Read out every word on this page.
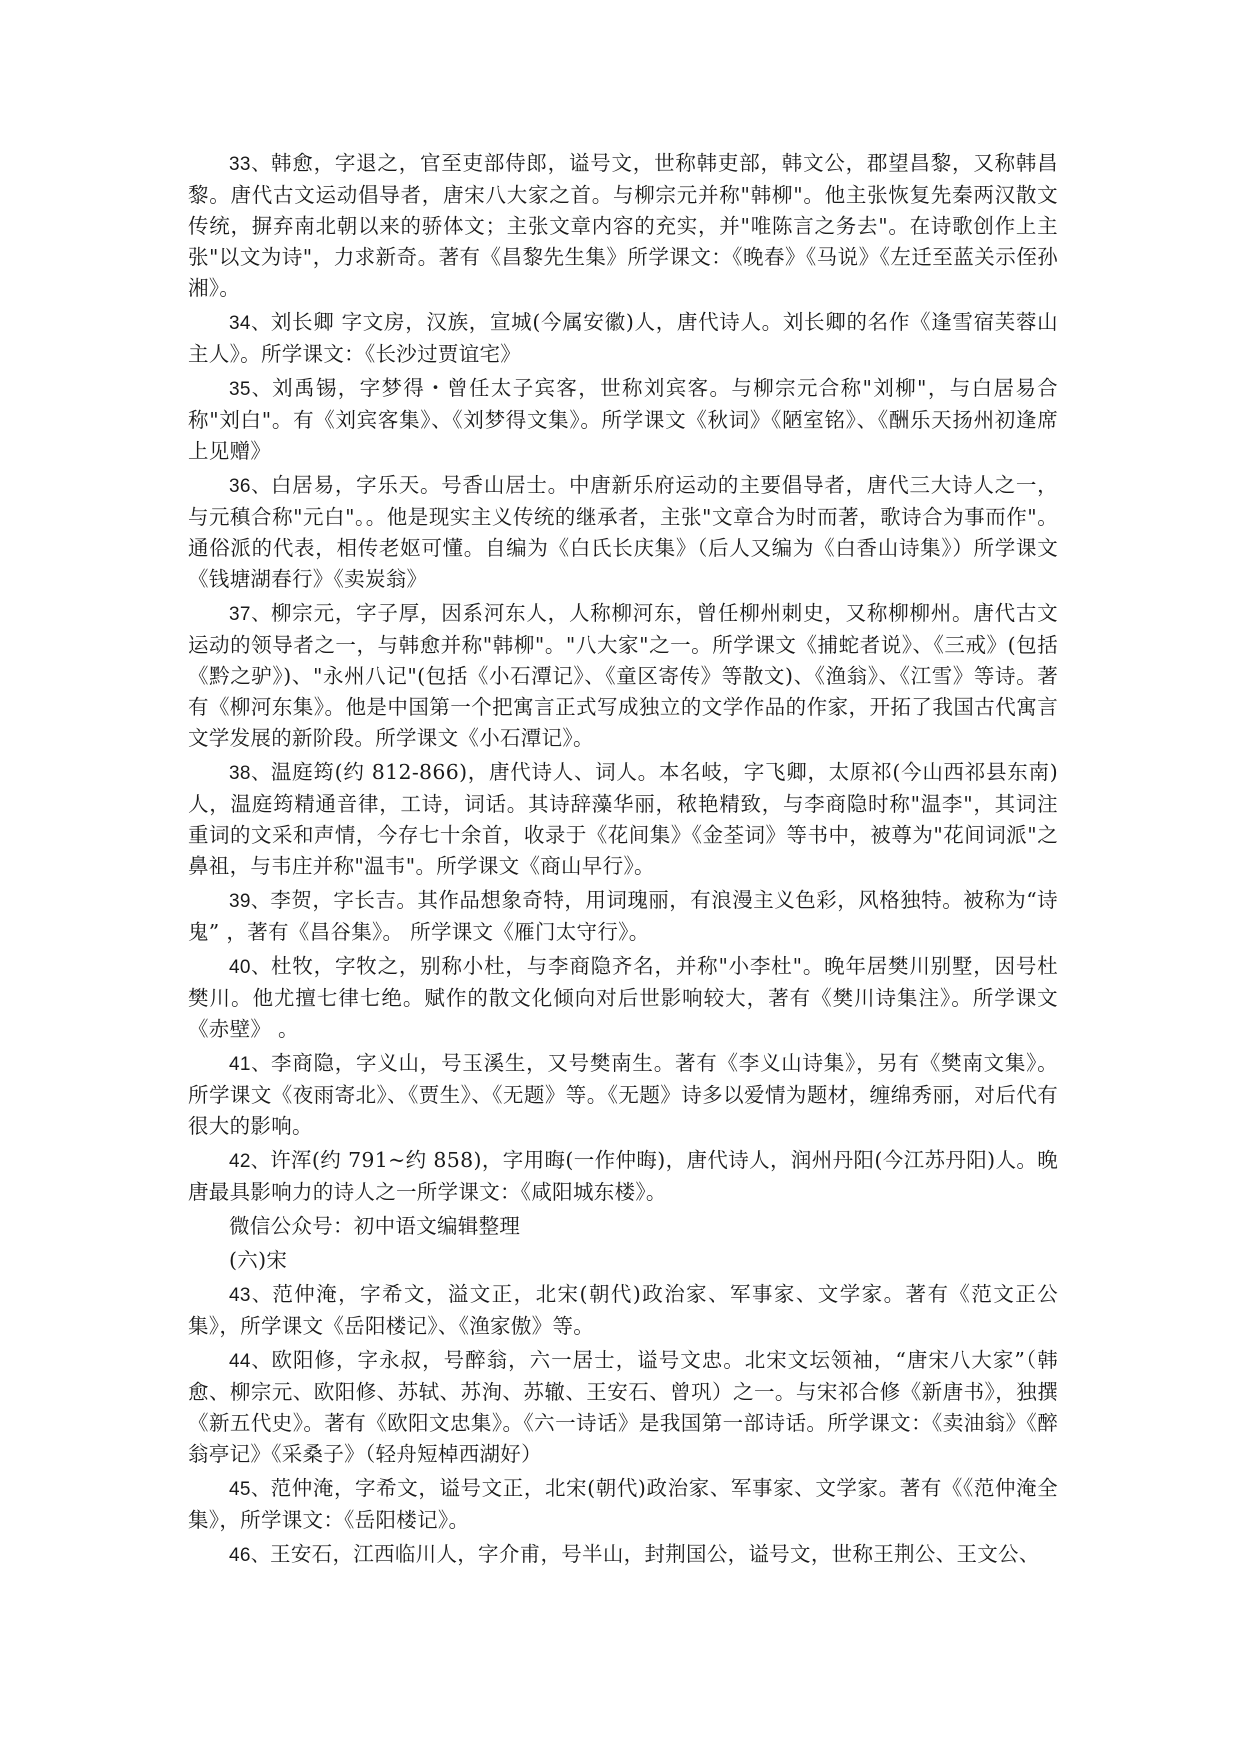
33、韩愈，字退之，官至吏部侍郎，谥号文，世称韩吏部，韩文公，郡望昌黎，又称韩昌黎。唐代古文运动倡导者，唐宋八大家之首。与柳宗元并称"韩柳"。他主张恢复先秦两汉散文传统，摒弃南北朝以来的骄体文；主张文章内容的充实，并"唯陈言之务去"。在诗歌创作上主张"以文为诗"，力求新奇。著有《昌黎先生集》所学课文：《晚春》《马说》《左迁至蓝关示侄孙湘》。

34、刘长卿 字文房，汉族，宣城(今属安徽)人，唐代诗人。刘长卿的名作《逢雪宿芙蓉山主人》。所学课文：《长沙过贾谊宅》

35、刘禹锡，字梦得・曾任太子宾客，世称刘宾客。与柳宗元合称"刘柳"，与白居易合称"刘白"。有《刘宾客集》、《刘梦得文集》。所学课文《秋词》《陋室铭》、《酬乐天扬州初逢席上见赠》

36、白居易，字乐天。号香山居士。中唐新乐府运动的主要倡导者，唐代三大诗人之一，与元稹合称"元白"。。他是现实主义传统的继承者，主张"文章合为时而著，歌诗合为事而作"。通俗派的代表，相传老妪可懂。自编为《白氏长庆集》（后人又编为《白香山诗集》）所学课文《钱塘湖春行》《卖炭翁》

37、柳宗元，字子厚，因系河东人，人称柳河东，曾任柳州刺史，又称柳柳州。唐代古文运动的领导者之一，与韩愈并称"韩柳"。"八大家"之一。所学课文《捕蛇者说》、《三戒》(包括《黔之驴》)、"永州八记"(包括《小石潭记》、《童区寄传》等散文)、《渔翁》、《江雪》等诗。著有《柳河东集》。他是中国第一个把寓言正式写成独立的文学作品的作家，开拓了我国古代寓言文学发展的新阶段。所学课文《小石潭记》。

38、温庭筠(约 812-866)，唐代诗人、词人。本名岐，字飞卿，太原祁(今山西祁县东南)人，温庭筠精通音律，工诗，词话。其诗辞藻华丽，秾艳精致，与李商隐时称"温李"，其词注重词的文采和声情，今存七十余首，收录于《花间集》《金荃词》等书中，被尊为"花间词派"之鼻祖，与韦庄并称"温韦"。所学课文《商山早行》。

39、李贺，字长吉。其作品想象奇特，用词瑰丽，有浪漫主义色彩，风格独特。被称为“诗鬼” ，著有《昌谷集》。 所学课文《雁门太守行》。

40、杜牧，字牧之，别称小杜，与李商隐齐名，并称"小李杜"。晚年居樊川别墅，因号杜樊川。他尤擅七律七绝。赋作的散文化倾向对后世影响较大，著有《樊川诗集注》。所学课文《赤壁》 。

41、李商隐，字义山，号玉溪生，又号樊南生。著有《李义山诗集》，另有《樊南文集》。所学课文《夜雨寄北》、《贾生》、《无题》等。《无题》诗多以爱情为题材，缠绵秀丽，对后代有很大的影响。

42、许浑(约 791~约 858)，字用晦(一作仲晦)，唐代诗人，润州丹阳(今江苏丹阳)人。晚唐最具影响力的诗人之一所学课文：《咸阳城东楼》。

微信公众号：初中语文编辑整理

(六)宋

43、范仲淹，字希文，溢文正，北宋(朝代)政治家、军事家、文学家。著有《范文正公集》，所学课文《岳阳楼记》、《渔家傲》等。

44、欧阳修，字永叔，号醉翁，六一居士，谥号文忠。北宋文坛领袖，“唐宋八大家”（韩愈、柳宗元、欧阳修、苏轼、苏洵、苏辙、王安石、曾巩）之一。与宋祁合修《新唐书》，独撰《新五代史》。著有《欧阳文忠集》。《六一诗话》是我国第一部诗话。所学课文：《卖油翁》《醉翁亭记》《采桑子》（轻舟短棹西湖好）

45、范仲淹，字希文，谥号文正，北宋(朝代)政治家、军事家、文学家。著有《《范仲淹全集》，所学课文：《岳阳楼记》。

46、王安石，江西临川人，字介甫，号半山，封荆国公，谥号文，世称王荆公、王文公、
